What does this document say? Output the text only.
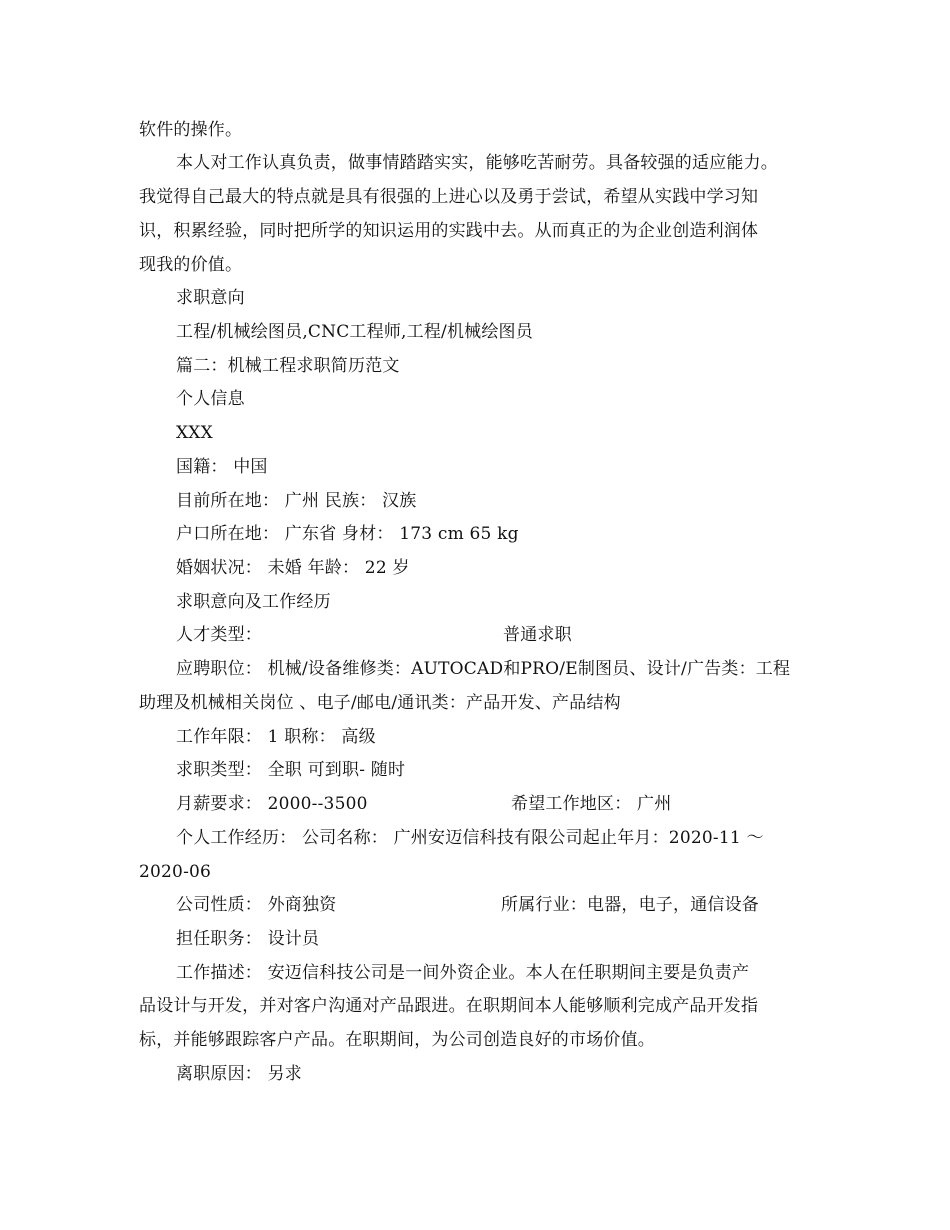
软件的操作。
本人对工作认真负责，做事情踏踏实实，能够吃苦耐劳。具备较强的适应能力。
我觉得自己最大的特点就是具有很强的上进心以及勇于尝试，希望从实践中学习知
识，积累经验，同时把所学的知识运用的实践中去。从而真正的为企业创造利润体
现我的价值。
求职意向
工程/机械绘图员,CNC工程师,工程/机械绘图员
篇二：机械工程求职简历范文
个人信息
XXX
国籍： 中国
目前所在地： 广州 民族： 汉族
户口所在地： 广东省 身材： 173 cm 65 kg
婚姻状况： 未婚 年龄： 22 岁
求职意向及工作经历
人才类型：	普通求职
应聘职位： 机械/设备维修类：AUTOCAD和PRO/E制图员、设计/广告类：工程
助理及机械相关岗位 、电子/邮电/通讯类：产品开发、产品结构
工作年限： 1 职称： 高级
求职类型： 全职 可到职- 随时
月薪要求： 2000--3500	希望工作地区： 广州
个人工作经历： 公司名称： 广州安迈信科技有限公司起止年月：2020-11 ～
2020-06
公司性质： 外商独资	所属行业：电器，电子，通信设备
担任职务： 设计员
工作描述： 安迈信科技公司是一间外资企业。本人在任职期间主要是负责产
品设计与开发，并对客户沟通对产品跟进。在职期间本人能够顺利完成产品开发指
标，并能够跟踪客户产品。在职期间，为公司创造良好的市场价值。
离职原因： 另求
